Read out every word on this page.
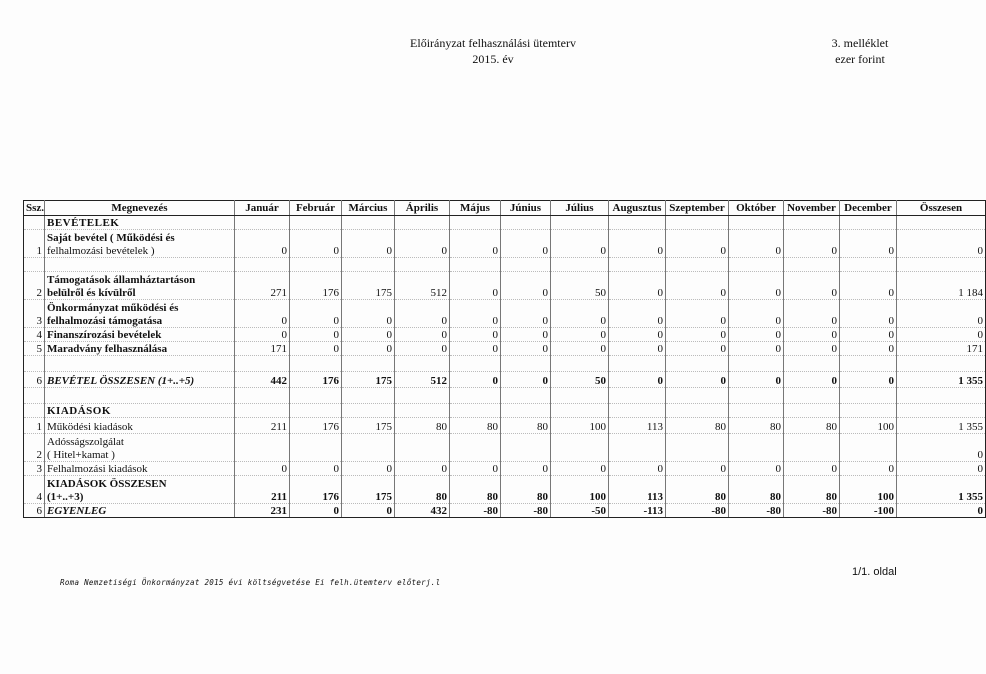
Előirányzat felhasználási ütemterv
2015. év
3. melléklet
ezer forint
Ssz.	Megnevezés	Január	Február	Március	Április	Május	Június	Július	Augusztus	Szeptember	Október	November	December	Összesen

	BEVÉTELEK													

1	Saját bevétel ( Működési és
felhalmozási bevételek )	0	0	0	0	0	0	0	0	0	0	0	0	0

2	Támogatások államháztartáson
belülről és kívülről	271	176	175	512	0	0	50	0	0	0	0	0	1 184
3	Önkormányzat működési és
felhalmozási támogatása	0	0	0	0	0	0	0	0	0	0	0	0	0
4	Finanszírozási bevételek	0	0	0	0	0	0	0	0	0	0	0	0	0
5	Maradvány felhasználása	171	0	0	0	0	0	0	0	0	0	0	0	171

6	BEVÉTEL ÖSSZESEN (1+..+5)	442	176	175	512	0	0	50	0	0	0	0	0	1 355

	KIADÁSOK													

1	Működési kiadások	211	176	175	80	80	80	100	113	80	80	80	100	1 355
2	Adósságszolgálat
( Hitel+kamat )													0
3	Felhalmozási kiadások	0	0	0	0	0	0	0	0	0	0	0	0	0
4	KIADÁSOK ÖSSZESEN
(1+..+3)	211	176	175	80	80	80	100	113	80	80	80	100	1 355
6	EGYENLEG	231	0	0	432	-80	-80	-50	-113	-80	-80	-80	-100	0
Roma Nemzetiségi Önkormányzat 2015 évi költségvetése Ei felh.ütemterv előterj.l
1/1. oldal
